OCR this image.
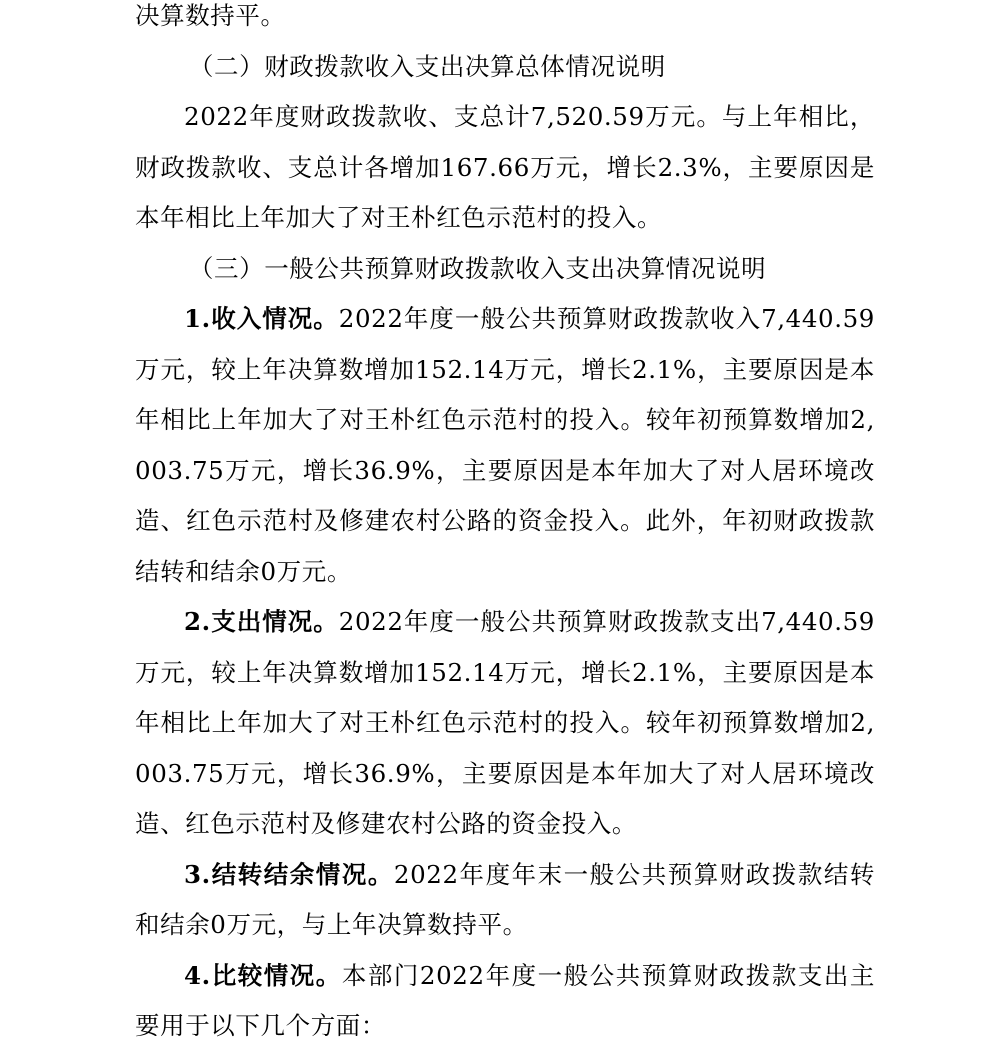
决算数持平。

（二）财政拨款收入支出决算总体情况说明

2022年度财政拨款收、支总计7,520.59万元。与上年相比，财政拨款收、支总计各增加167.66万元，增长2.3%，主要原因是本年相比上年加大了对王朴红色示范村的投入。

（三）一般公共预算财政拨款收入支出决算情况说明

1.收入情况。2022年度一般公共预算财政拨款收入7,440.59万元，较上年决算数增加152.14万元，增长2.1%，主要原因是本年相比上年加大了对王朴红色示范村的投入。较年初预算数增加2,003.75万元，增长36.9%，主要原因是本年加大了对人居环境改造、红色示范村及修建农村公路的资金投入。此外，年初财政拨款结转和结余0万元。

2.支出情况。2022年度一般公共预算财政拨款支出7,440.59万元，较上年决算数增加152.14万元，增长2.1%，主要原因是本年相比上年加大了对王朴红色示范村的投入。较年初预算数增加2,003.75万元，增长36.9%，主要原因是本年加大了对人居环境改造、红色示范村及修建农村公路的资金投入。

3.结转结余情况。2022年度年末一般公共预算财政拨款结转和结余0万元，与上年决算数持平。

4.比较情况。本部门2022年度一般公共预算财政拨款支出主要用于以下几个方面：
